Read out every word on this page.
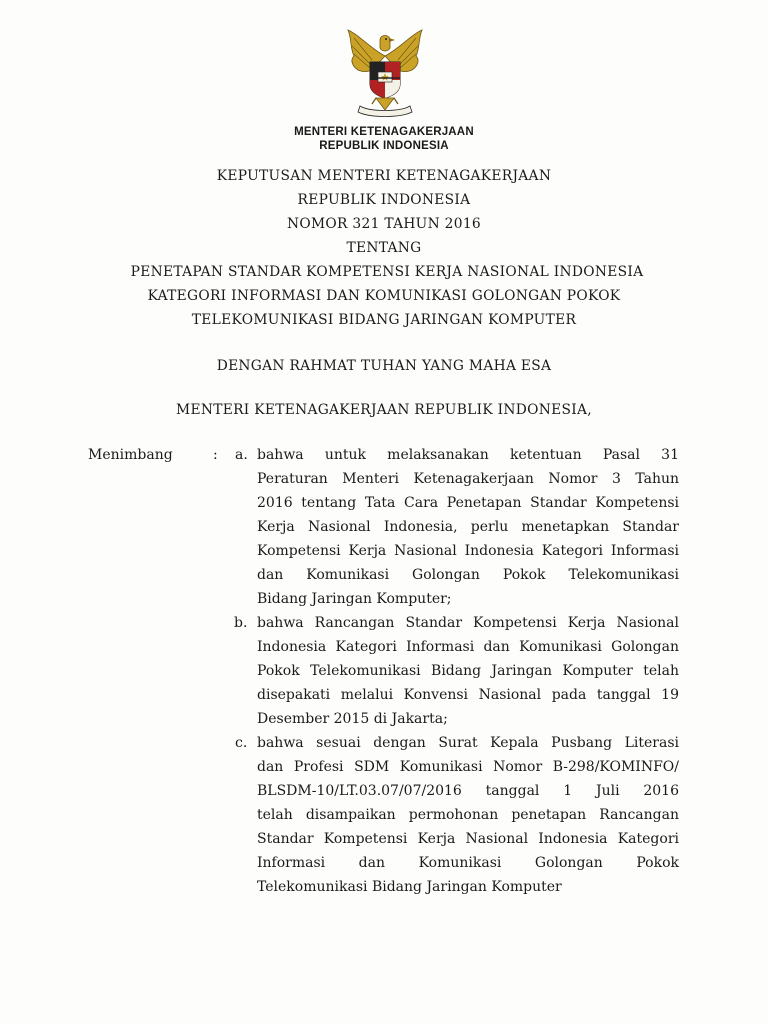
MENTERI KETENAGAKERJAAN
REPUBLIK INDONESIA
KEPUTUSAN MENTERI KETENAGAKERJAAN
REPUBLIK INDONESIA
NOMOR 321 TAHUN 2016
TENTANG
PENETAPAN STANDAR KOMPETENSI KERJA NASIONAL INDONESIA
KATEGORI INFORMASI DAN KOMUNIKASI GOLONGAN POKOK
TELEKOMUNIKASI BIDANG JARINGAN KOMPUTER
DENGAN RAHMAT TUHAN YANG MAHA ESA
MENTERI KETENAGAKERJAAN REPUBLIK INDONESIA,
Menimbang	: a. bahwa untuk melaksanakan ketentuan Pasal 31
Peraturan Menteri Ketenagakerjaan Nomor 3 Tahun
2016 tentang Tata Cara Penetapan Standar Kompetensi
Kerja Nasional Indonesia, perlu menetapkan Standar
Kompetensi Kerja Nasional Indonesia Kategori Informasi
dan Komunikasi Golongan Pokok Telekomunikasi
Bidang Jaringan Komputer;
b. bahwa Rancangan Standar Kompetensi Kerja Nasional
Indonesia Kategori Informasi dan Komunikasi Golongan
Pokok Telekomunikasi Bidang Jaringan Komputer telah
disepakati melalui Konvensi Nasional pada tanggal 19
Desember 2015 di Jakarta;
c. bahwa sesuai dengan Surat Kepala Pusbang Literasi
dan Profesi SDM Komunikasi Nomor B-298/KOMINFO/
BLSDM-10/LT.03.07/07/2016 tanggal 1 Juli 2016
telah disampaikan permohonan penetapan Rancangan
Standar Kompetensi Kerja Nasional Indonesia Kategori
Informasi dan Komunikasi Golongan Pokok
Telekomunikasi Bidang Jaringan Komputer
